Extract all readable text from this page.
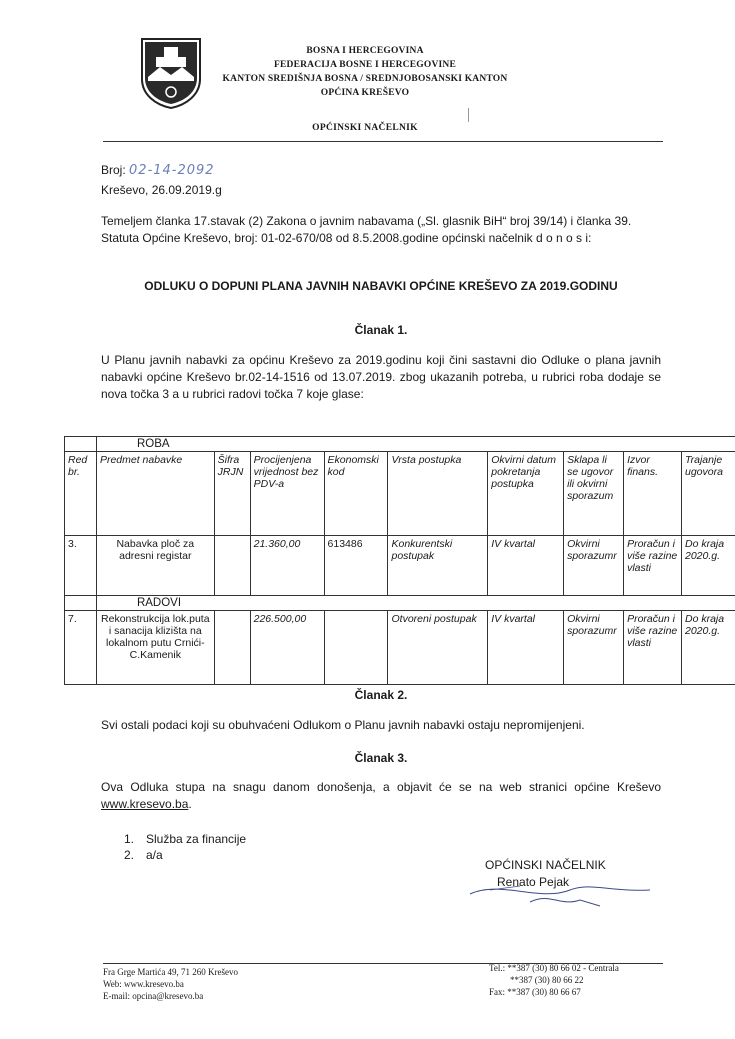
BOSNA I HERCEGOVINA
FEDERACIJA BOSNE I HERCEGOVINE
KANTON SREDIŠNJA BOSNA / SREDNJOBOSANSKI KANTON
OPĆINA KREŠEVO
OPĆINSKI NAČELNIK
Broj: 02-14-2092
Kreševo, 26.09.2019.g
Temeljem članka 17.stavak (2) Zakona o javnim nabavama („Sl. glasnik BiH“ broj 39/14) i članka 39. Statuta Općine Kreševo, broj: 01-02-670/08 od 8.5.2008.godine općinski načelnik d o n o s i:
ODLUKU O DOPUNI PLANA JAVNIH NABAVKI OPĆINE KREŠEVO ZA 2019.GODINU
Članak 1.
U Planu javnih nabavki za općinu Kreševo za 2019.godinu koji čini sastavni dio Odluke o plana javnih nabavki općine Kreševo br.02-14-1516 od 13.07.2019. zbog ukazanih potreba, u rubrici roba dodaje se nova točka 3 a u rubrici radovi točka 7 koje glase:
	ROBA								
Red br.	Predmet nabavke	Šifra JRJN	Procijenjena vrijednost bez PDV-a	Ekonomski kod	Vrsta postupka	Okvirni datum pokretanja postupka	Sklapa li se ugovor ili okvirni sporazum	Izvor finans.	Trajanje ugovora
3.	Nabavka ploč za adresni registar		21.360,00	613486	Konkurentski postupak	IV kvartal	Okvirni sporazumr	Proračun i više razine vlasti	Do kraja 2020.g.
	RADOVI								
7.	Rekonstrukcija lok.puta i sanacija klizišta na lokalnom putu Crnići-C.Kamenik		226.500,00		Otvoreni postupak	IV kvartal	Okvirni sporazumr	Proračun i više razine vlasti	Do kraja 2020.g.
Članak 2.
Svi ostali podaci koji su obuhvaćeni Odlukom o Planu javnih nabavki ostaju nepromijenjeni.
Članak 3.
Ova Odluka stupa na snagu danom donošenja, a objavit će se na web stranici općine Kreševo www.kresevo.ba.
1. Služba za financije
2. a/a
OPĆINSKI NAČELNIK
Renato Pejak
Fra Grge Martića 49, 71 260 Kreševo
Web: www.kresevo.ba
E-mail: opcina@kresevo.ba
Tel.: **387 (30) 80 66 02 - Centrala
**387 (30) 80 66 22
Fax: **387 (30) 80 66 67
